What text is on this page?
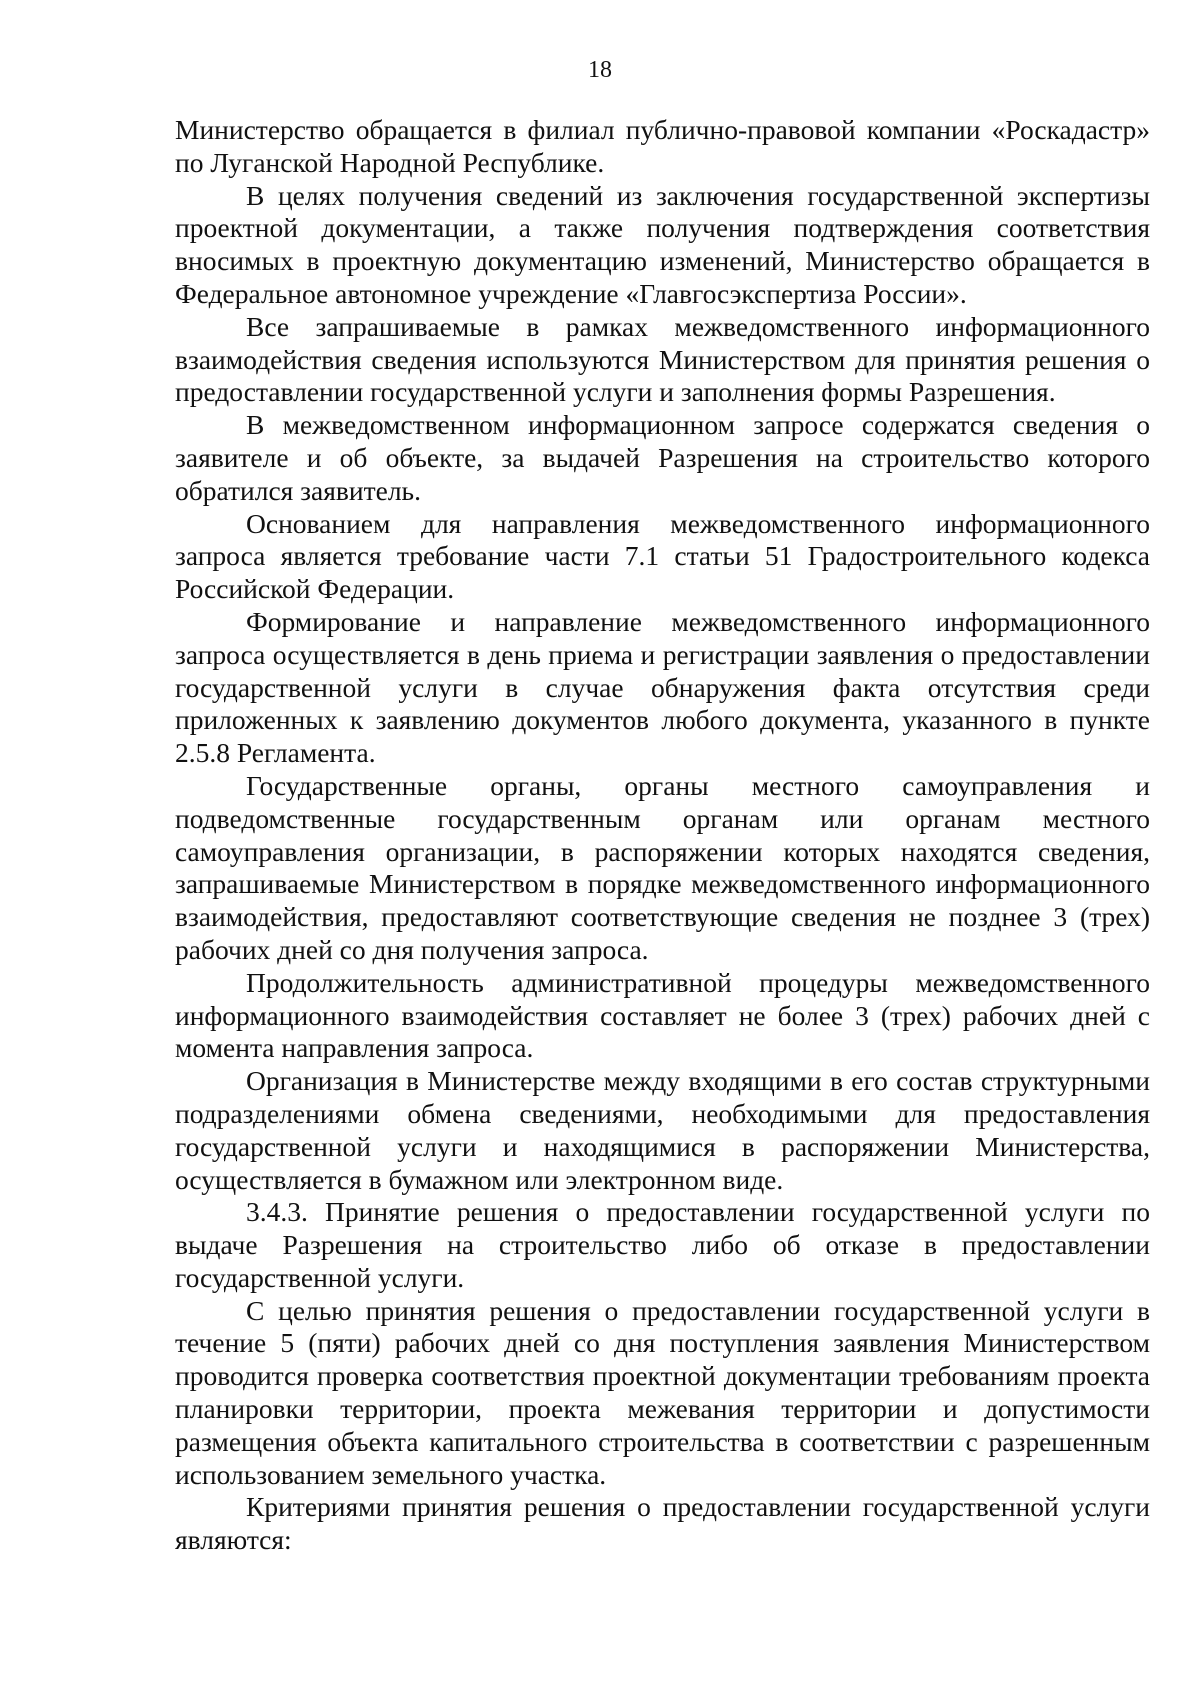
18

Министерство обращается в филиал публично-правовой компании «Роскадастр» по Луганской Народной Республике.

В целях получения сведений из заключения государственной экспертизы проектной документации, а также получения подтверждения соответствия вносимых в проектную документацию изменений, Министерство обращается в Федеральное автономное учреждение «Главгосэкспертиза России».

Все запрашиваемые в рамках межведомственного информационного взаимодействия сведения используются Министерством для принятия решения о предоставлении государственной услуги и заполнения формы Разрешения.

В межведомственном информационном запросе содержатся сведения о заявителе и об объекте, за выдачей Разрешения на строительство которого обратился заявитель.

Основанием для направления межведомственного информационного запроса является требование части 7.1 статьи 51 Градостроительного кодекса Российской Федерации.

Формирование и направление межведомственного информационного запроса осуществляется в день приема и регистрации заявления о предоставлении государственной услуги в случае обнаружения факта отсутствия среди приложенных к заявлению документов любого документа, указанного в пункте 2.5.8 Регламента.

Государственные органы, органы местного самоуправления и подведомственные государственным органам или органам местного самоуправления организации, в распоряжении которых находятся сведения, запрашиваемые Министерством в порядке межведомственного информационного взаимодействия, предоставляют соответствующие сведения не позднее 3 (трех) рабочих дней со дня получения запроса.

Продолжительность административной процедуры межведомственного информационного взаимодействия составляет не более 3 (трех) рабочих дней с момента направления запроса.

Организация в Министерстве между входящими в его состав структурными подразделениями обмена сведениями, необходимыми для предоставления государственной услуги и находящимися в распоряжении Министерства, осуществляется в бумажном или электронном виде.

3.4.3. Принятие решения о предоставлении государственной услуги по выдаче Разрешения на строительство либо об отказе в предоставлении государственной услуги.

С целью принятия решения о предоставлении государственной услуги в течение 5 (пяти) рабочих дней со дня поступления заявления Министерством проводится проверка соответствия проектной документации требованиям проекта планировки территории, проекта межевания территории и допустимости размещения объекта капитального строительства в соответствии с разрешенным использованием земельного участка.

Критериями принятия решения о предоставлении государственной услуги являются:
